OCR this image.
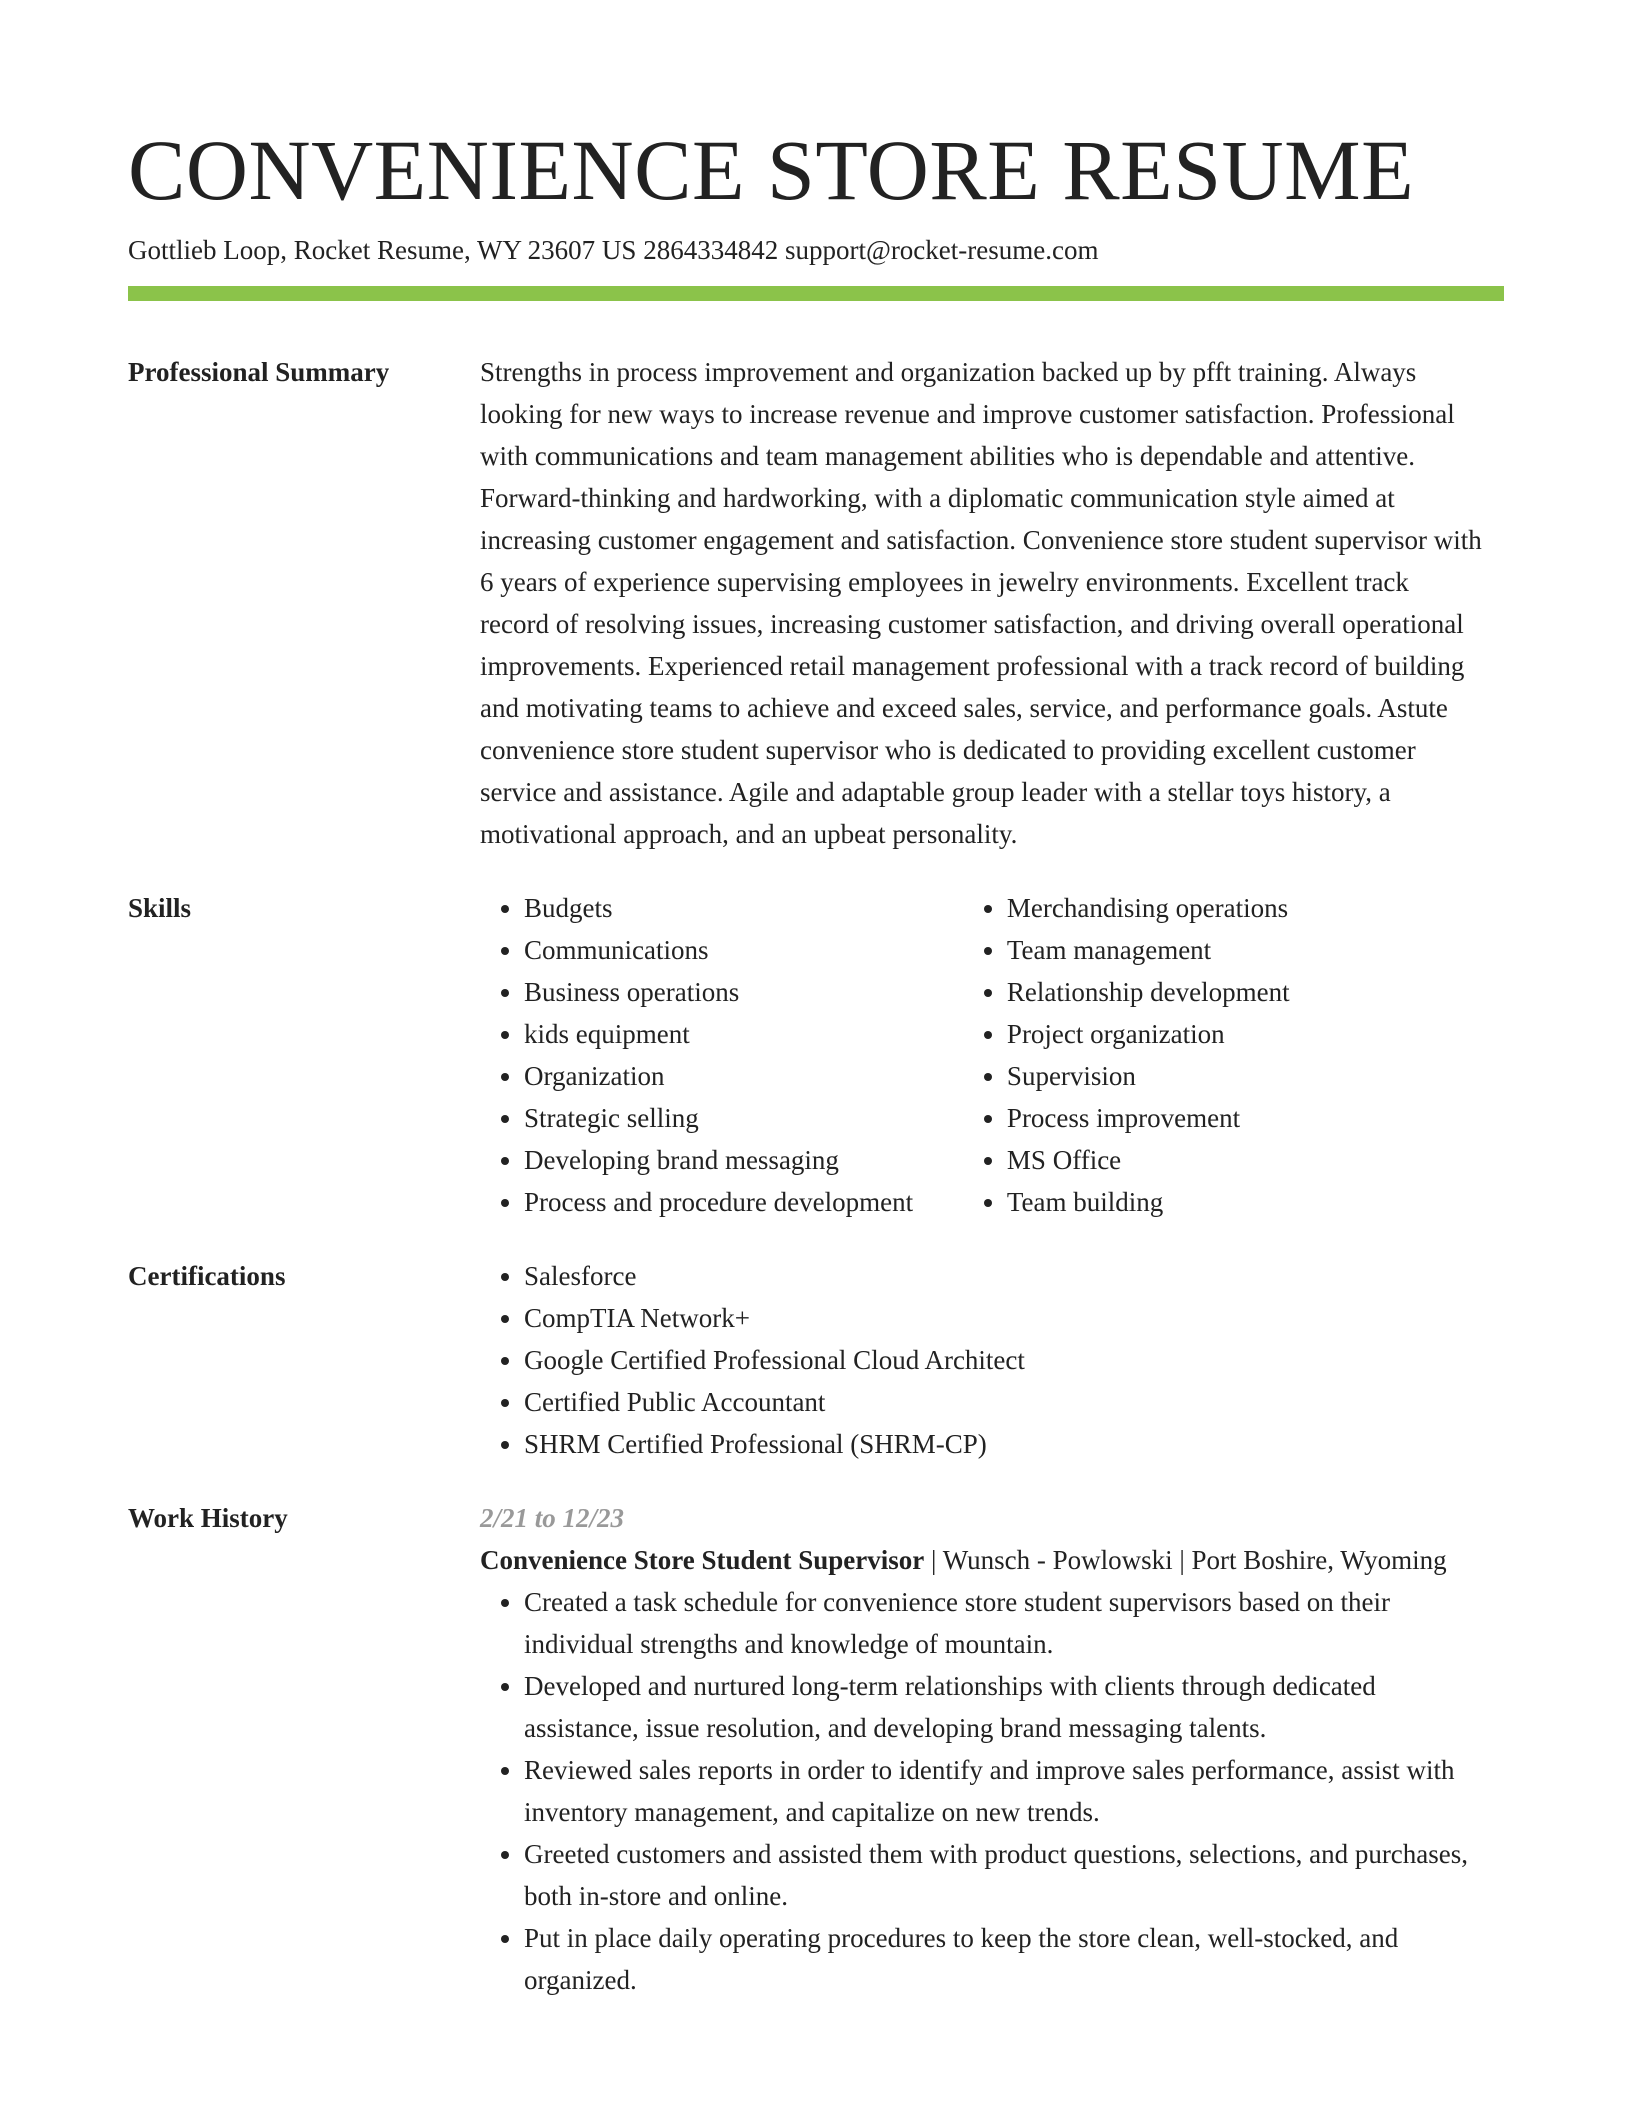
CONVENIENCE STORE RESUME
Gottlieb Loop, Rocket Resume, WY 23607 US 2864334842 support@rocket-resume.com
Professional Summary	Strengths in process improvement and organization backed up by pfft training. Always looking for new ways to increase revenue and improve customer satisfaction. Professional with communications and team management abilities who is dependable and attentive. Forward-thinking and hardworking, with a diplomatic communication style aimed at increasing customer engagement and satisfaction. Convenience store student supervisor with 6 years of experience supervising employees in jewelry environments. Excellent track record of resolving issues, increasing customer satisfaction, and driving overall operational improvements. Experienced retail management professional with a track record of building and motivating teams to achieve and exceed sales, service, and performance goals. Astute convenience store student supervisor who is dedicated to providing excellent customer service and assistance. Agile and adaptable group leader with a stellar toys history, a motivational approach, and an upbeat personality.
Skills	• Budgets
• Communications
• Business operations
• kids equipment
• Organization
• Strategic selling
• Developing brand messaging
• Process and procedure development
• Merchandising operations
• Team management
• Relationship development
• Project organization
• Supervision
• Process improvement
• MS Office
• Team building
Certifications	• Salesforce
• CompTIA Network+
• Google Certified Professional Cloud Architect
• Certified Public Accountant
• SHRM Certified Professional (SHRM-CP)
Work History	2/21 to 12/23
Convenience Store Student Supervisor | Wunsch - Powlowski | Port Boshire, Wyoming
• Created a task schedule for convenience store student supervisors based on their individual strengths and knowledge of mountain.
• Developed and nurtured long-term relationships with clients through dedicated assistance, issue resolution, and developing brand messaging talents.
• Reviewed sales reports in order to identify and improve sales performance, assist with inventory management, and capitalize on new trends.
• Greeted customers and assisted them with product questions, selections, and purchases, both in-store and online.
• Put in place daily operating procedures to keep the store clean, well-stocked, and organized.
